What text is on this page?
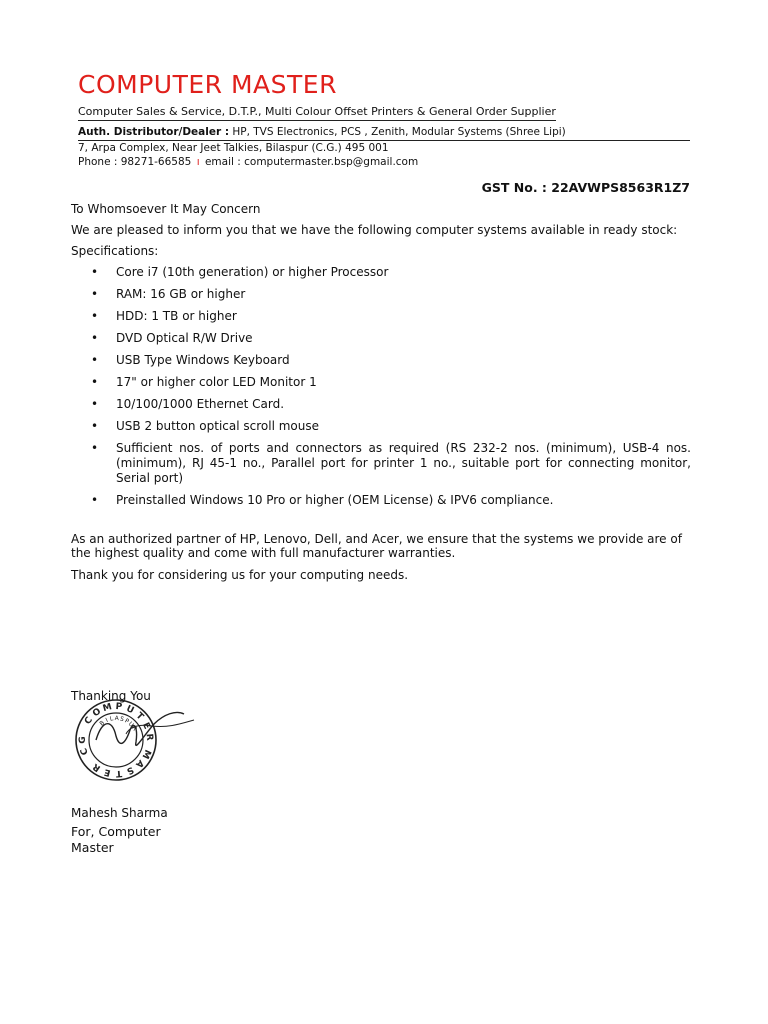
COMPUTER MASTER
Computer Sales & Service, D.T.P., Multi Colour Offset Printers & General Order Supplier
Auth. Distributor/Dealer : HP, TVS Electronics, PCS , Zenith, Modular Systems (Shree Lipi)
7, Arpa Complex, Near Jeet Talkies, Bilaspur (C.G.) 495 001
Phone : 98271-66585 ı email : computermaster.bsp@gmail.com
GST No. : 22AVWPS8563R1Z7
To Whomsoever It May Concern
We are pleased to inform you that we have the following computer systems available in ready stock:
Specifications:
• Core i7 (10th generation) or higher Processor
• RAM: 16 GB or higher
• HDD: 1 TB or higher
• DVD Optical R/W Drive
• USB Type Windows Keyboard
• 17" or higher color LED Monitor 1
• 10/100/1000 Ethernet Card.
• USB 2 button optical scroll mouse
• Sufficient nos. of ports and connectors as required (RS 232-2 nos. (minimum), USB-4 nos. (minimum), RJ 45-1 no., Parallel port for printer 1 no., suitable port for connecting monitor, Serial port)
• Preinstalled Windows 10 Pro or higher (OEM License) & IPV6 compliance.
As an authorized partner of HP, Lenovo, Dell, and Acer, we ensure that the systems we provide are of the highest quality and come with full manufacturer warranties.
Thank you for considering us for your computing needs.
Thanking You
C
O
M P U
T
E
R
M
A
S
T
E
R
C
G
B
I L A S
P
U
R
Mahesh Sharma
For, Computer Master
